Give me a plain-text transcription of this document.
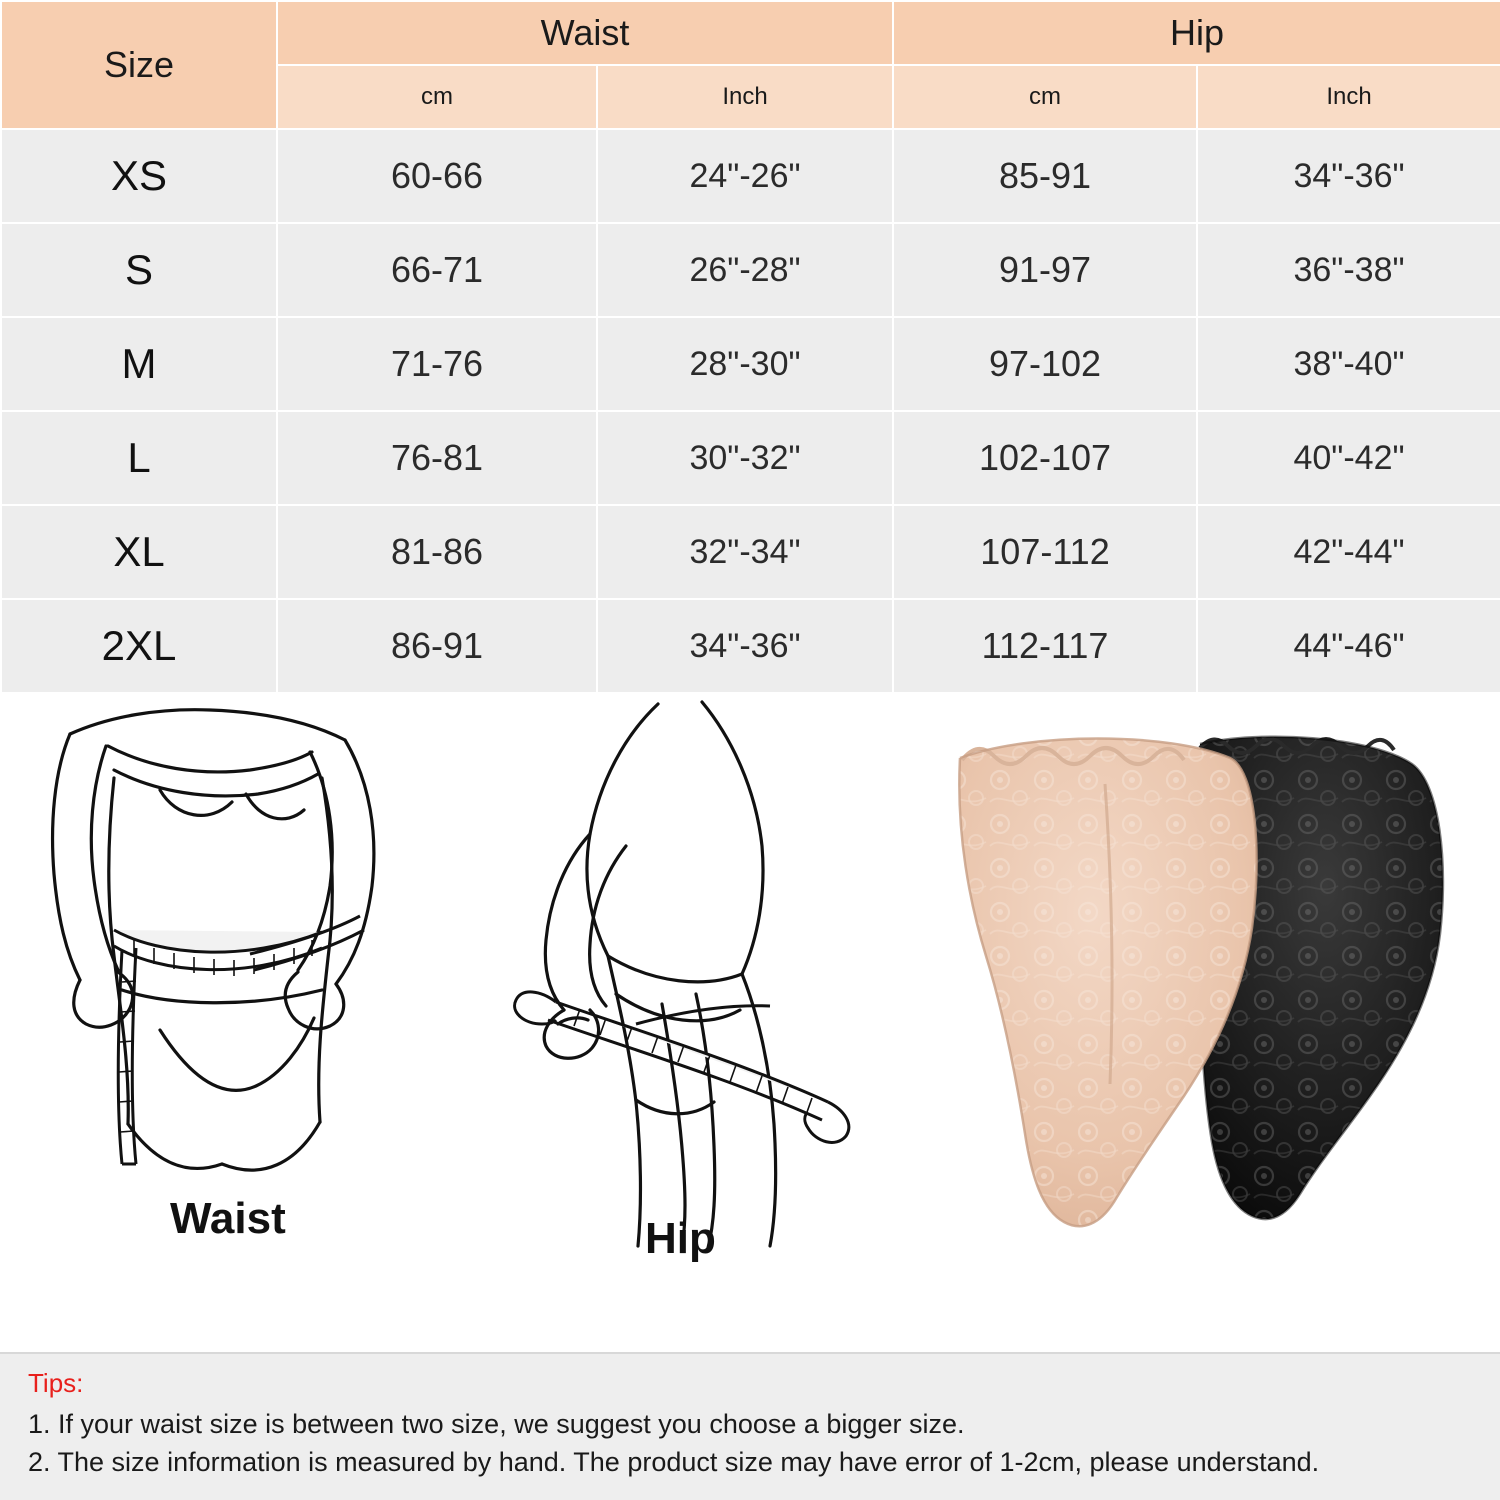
Size	Waist		Hip	
	cm	Inch	cm	Inch
XS	60-66	24"-26"	85-91	34"-36"
S	66-71	26"-28"	91-97	36"-38"
M	71-76	28"-30"	97-102	38"-40"
L	76-81	30"-32"	102-107	40"-42"
XL	81-86	32"-34"	107-112	42"-44"
2XL	86-91	34"-36"	112-117	44"-46"
Waist	Hip
Tips:
1. If your waist size is between two size, we suggest you choose a bigger size.
2. The size information is measured by hand. The product size may have error of 1-2cm, please understand.
